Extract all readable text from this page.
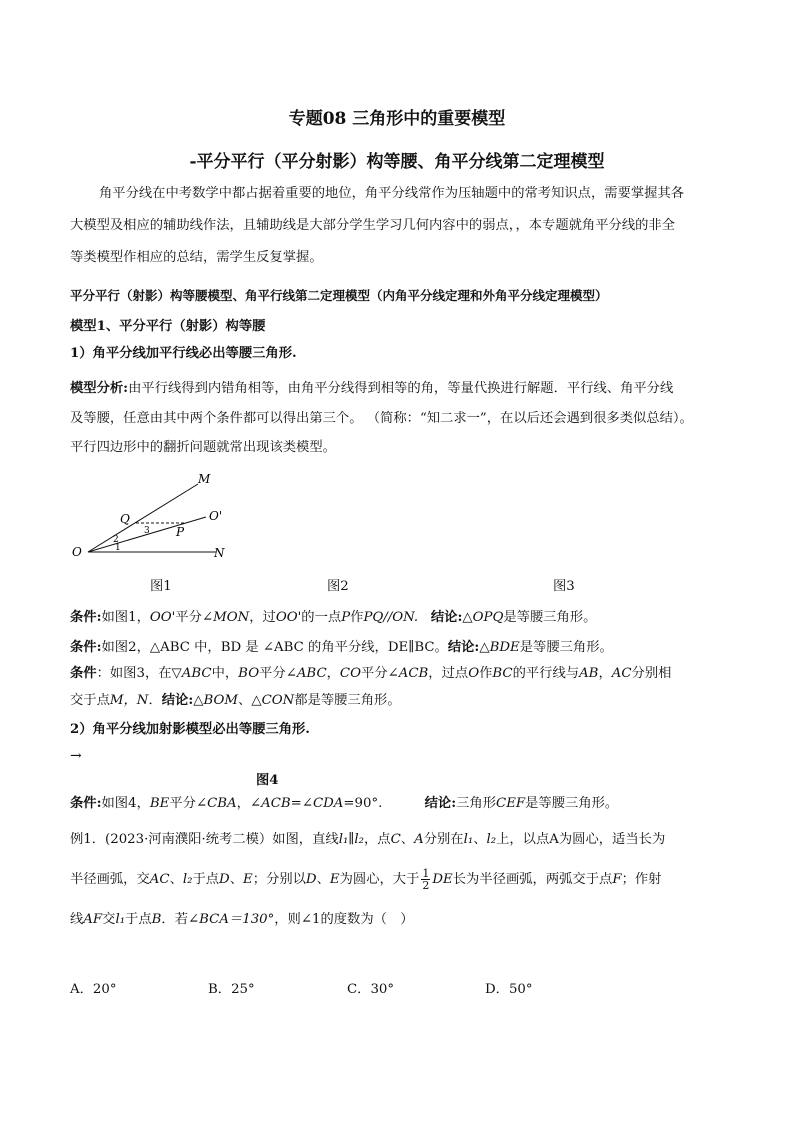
专题08 三角形中的重要模型
-平分平行（平分射影）构等腰、角平分线第二定理模型
角平分线在中考数学中都占据着重要的地位，角平分线常作为压轴题中的常考知识点，需要掌握其各
大模型及相应的辅助线作法，且辅助线是大部分学生学习几何内容中的弱点，，本专题就角平分线的非全
等类模型作相应的总结，需学生反复掌握。
平分平行（射影）构等腰模型、角平行线第二定理模型（内角平分线定理和外角平分线定理模型）
模型1、平分平行（射影）构等腰
1）角平分线加平行线必出等腰三角形.
模型分析:由平行线得到内错角相等，由角平分线得到相等的角，等量代换进行解题．平行线、角平分线
及等腰，任意由其中两个条件都可以得出第三个。 （简称：“知二求一”，在以后还会遇到很多类似总结）。
平行四边形中的翻折问题就常出现该类模型。
M
O'
Q
P
O	N
1
2
3
图1	图2	图3
条件:如图1，OO'平分∠MON，过OO'的一点P作PQ//ON. 结论:△OPQ是等腰三角形。
条件:如图2，△ABC 中，BD 是 ∠ABC 的角平分线，DE∥BC。结论:△BDE是等腰三角形。
条件：如图3，在▽ABC中，BO平分∠ABC，CO平分∠ACB，过点O作BC的平行线与AB，AC分别相
交于点M，N．结论:△BOM、△CON都是等腰三角形。
2）角平分线加射影模型必出等腰三角形.
→
图4
条件:如图4，BE平分∠CBA，∠ACB=∠CDA=90°.	结论:三角形CEF是等腰三角形。
例1．(2023·河南濮阳·统考二模）如图，直线l₁∥l₂，点C、A分别在l₁、l₂上，以点A为圆心，适当长为
半径画弧，交AC、l₂于点D、E；分别以D、E为圆心，大于 $\frac{1}{2}$ DE长为半径画弧，两弧交于点F；作射
线AF交l₁于点B．若∠BCA＝130°，则∠1的度数为（　）
A．20°	B．25°	C．30°	D．50°
